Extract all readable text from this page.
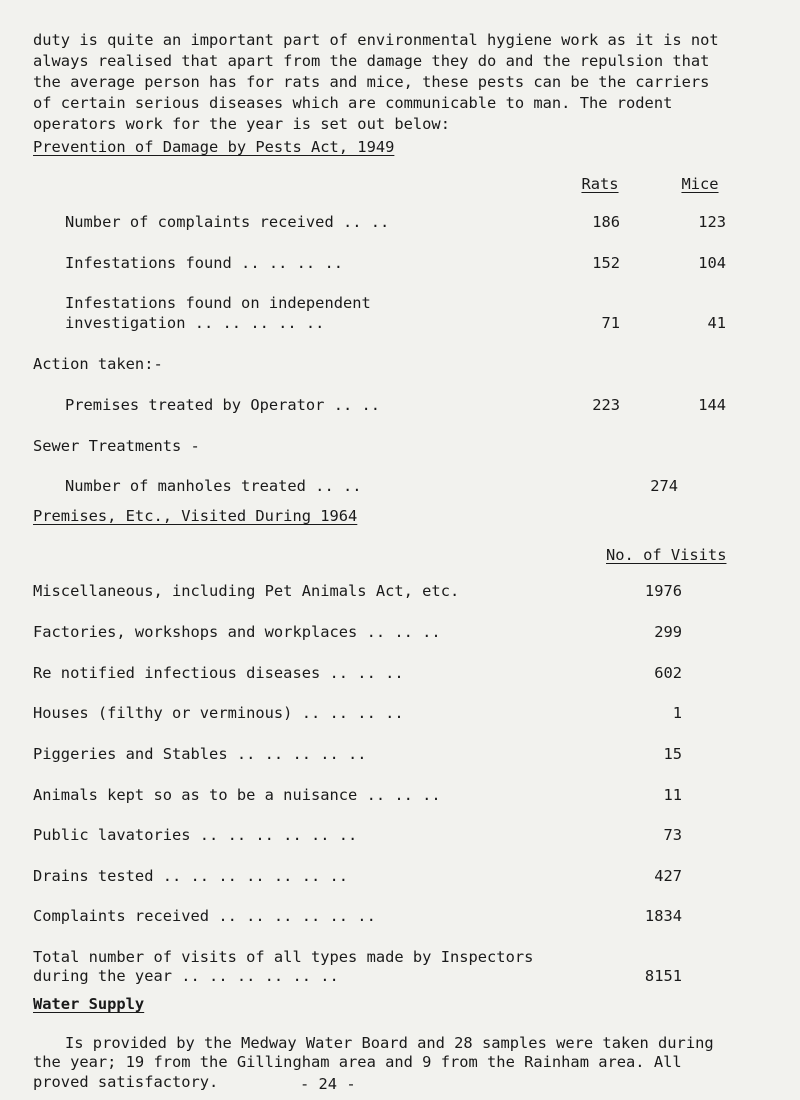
duty is quite an important part of environmental hygiene work as it is not
always realised that apart from the damage they do and the repulsion that
the average person has for rats and mice, these pests can be the carriers
of certain serious diseases which are communicable to man. The rodent
operators work for the year is set out below:

Prevention of Damage by Pests Act, 1949
Rats	Mice
Number of complaints received .. ..	186	123
Infestations found .. .. .. ..	152	104
Infestations found on independent
investigation .. .. .. .. ..	71	41
Action taken:-
Premises treated by Operator .. ..	223	144
Sewer Treatments -
Number of manholes treated .. ..	274
Premises, Etc., Visited During 1964
No. of Visits
Miscellaneous, including Pet Animals Act, etc.	1976
Factories, workshops and workplaces .. .. ..	299
Re notified infectious diseases .. .. ..	602
Houses (filthy or verminous) .. .. .. ..	1
Piggeries and Stables .. .. .. .. ..	15
Animals kept so as to be a nuisance .. .. ..	11
Public lavatories .. .. .. .. .. ..	73
Drains tested .. .. .. .. .. .. ..	427
Complaints received .. .. .. .. .. ..	1834
Total number of visits of all types made by Inspectors
during the year .. .. .. .. .. ..	8151
Water Supply
Is provided by the Medway Water Board and 28 samples were taken during
the year; 19 from the Gillingham area and 9 from the Rainham area. All
proved satisfactory.	- 24 -
